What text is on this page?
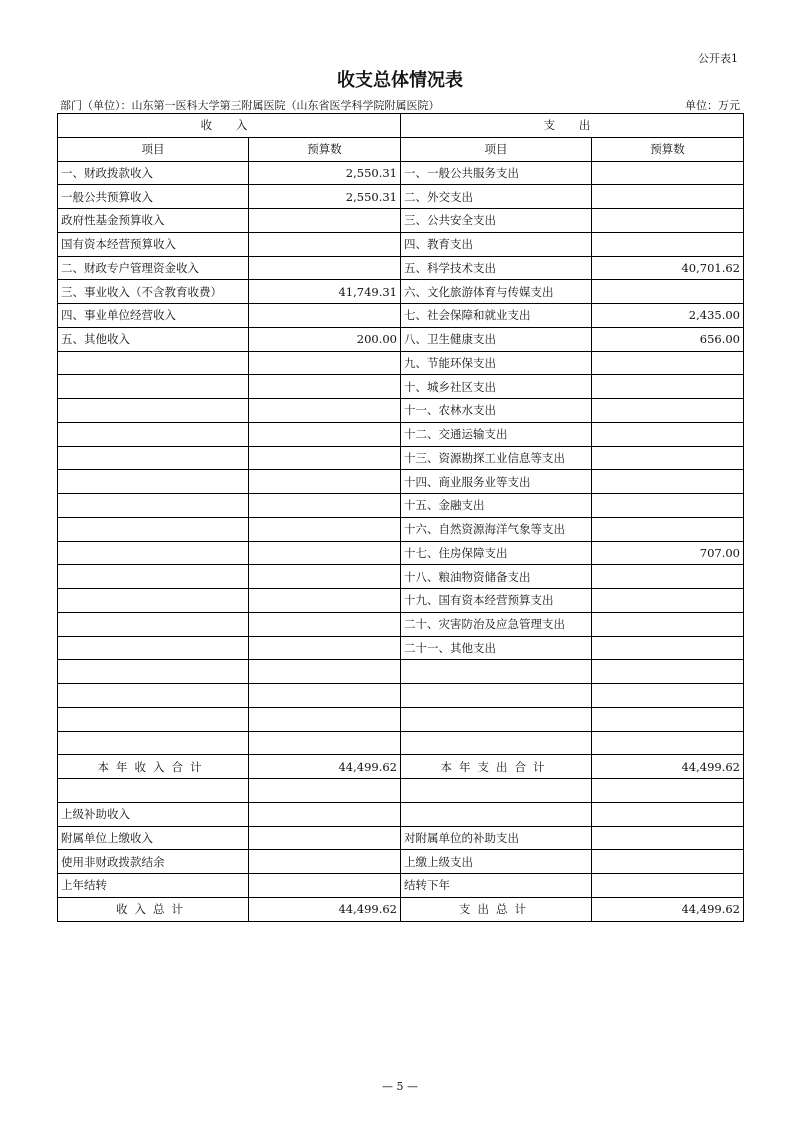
公开表1
收支总体情况表
部门（单位）：山东第一医科大学第三附属医院（山东省医学科学院附属医院）	单位：万元
收 入		支 出	
项目	预算数	项目	预算数
一、财政拨款收入	2,550.31	一、一般公共服务支出	
一般公共预算收入	2,550.31	二、外交支出	
政府性基金预算收入		三、公共安全支出	
国有资本经营预算收入		四、教育支出	
二、财政专户管理资金收入		五、科学技术支出	40,701.62
三、事业收入（不含教育收费）	41,749.31	六、文化旅游体育与传媒支出	
四、事业单位经营收入		七、社会保障和就业支出	2,435.00
五、其他收入	200.00	八、卫生健康支出	656.00
		九、节能环保支出	
		十、城乡社区支出	
		十一、农林水支出	
		十二、交通运输支出	
		十三、资源勘探工业信息等支出	
		十四、商业服务业等支出	
		十五、金融支出	
		十六、自然资源海洋气象等支出	
		十七、住房保障支出	707.00
		十八、粮油物资储备支出	
		十九、国有资本经营预算支出	
		二十、灾害防治及应急管理支出	
		二十一、其他支出	

本年收入合计	44,499.62	本年支出合计	44,499.62

上级补助收入			
附属单位上缴收入		对附属单位的补助支出	
使用非财政拨款结余		上缴上级支出	
上年结转		结转下年	
收入总计	44,499.62	支出总计	44,499.62
— 5 —
